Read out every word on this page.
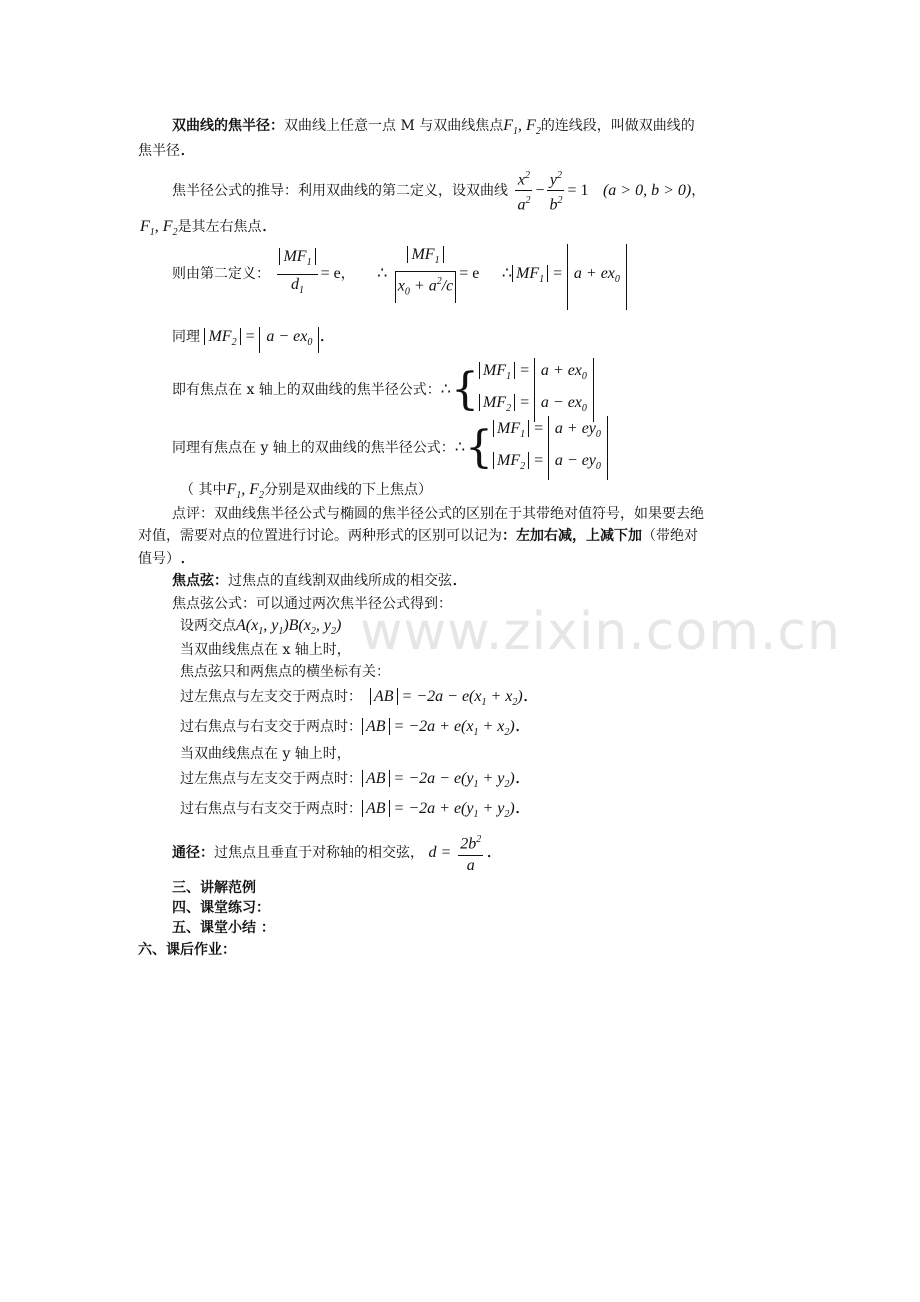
www.zixin.com.cn
双曲线的焦半径：双曲线上任意一点 M 与双曲线焦点$F_1$, $F_2$的连线段，叫做双曲线的
焦半径.
焦半径公式的推导：利用双曲线的第二定义，设双曲线 $\frac{x^2}{a^2} - \frac{y^2}{b^2} = 1$ (a > 0, b > 0)，
$F_1$, $F_2$是其左右焦点.
则由第二定义： $\frac{MF_1}{d_1} = e$， ∴ $\frac{MF_1}{x_0 + a^2/c} = e$ ∴ $MF_1 = a + ex_0$
同理 $MF_2 = a - ex_0$ .
即有焦点在 x 轴上的双曲线的焦半径公式：∴{ $MF_1 = a + ex_0$
$MF_2 = a - ex_0$
同理有焦点在 y 轴上的双曲线的焦半径公式：∴{ $MF_1 = a + ey_0$
$MF_2 = a - ey_0$
（ 其中$F_1$, $F_2$分别是双曲线的下上焦点）
点评：双曲线焦半径公式与椭圆的焦半径公式的区别在于其带绝对值符号，如果要去绝
对值，需要对点的位置进行讨论。两种形式的区别可以记为：左加右减，上减下加（带绝对
值号）.
焦点弦：过焦点的直线割双曲线所成的相交弦.
焦点弦公式：可以通过两次焦半径公式得到：
设两交点$A(x_1$, $y_1)B(x_2$, $y_2$)
当双曲线焦点在 x 轴上时，
焦点弦只和两焦点的横坐标有关：
过左焦点与左支交于两点时： AB = $-2a - e(x_1 + x_2)$.
过右焦点与右支交于两点时： AB = $-2a + e(x_1 + x_2)$.
当双曲线焦点在 y 轴上时，
过左焦点与左支交于两点时： AB = $-2a - e(y_1 + y_2)$.
过右焦点与右支交于两点时： AB = $-2a + e(y_1 + y_2)$.
通径：过焦点且垂直于对称轴的相交弦， $d = \frac{2b^2}{a}$ .
三、讲解范例
四、课堂练习：
五、课堂小结 ：
六、课后作业：
